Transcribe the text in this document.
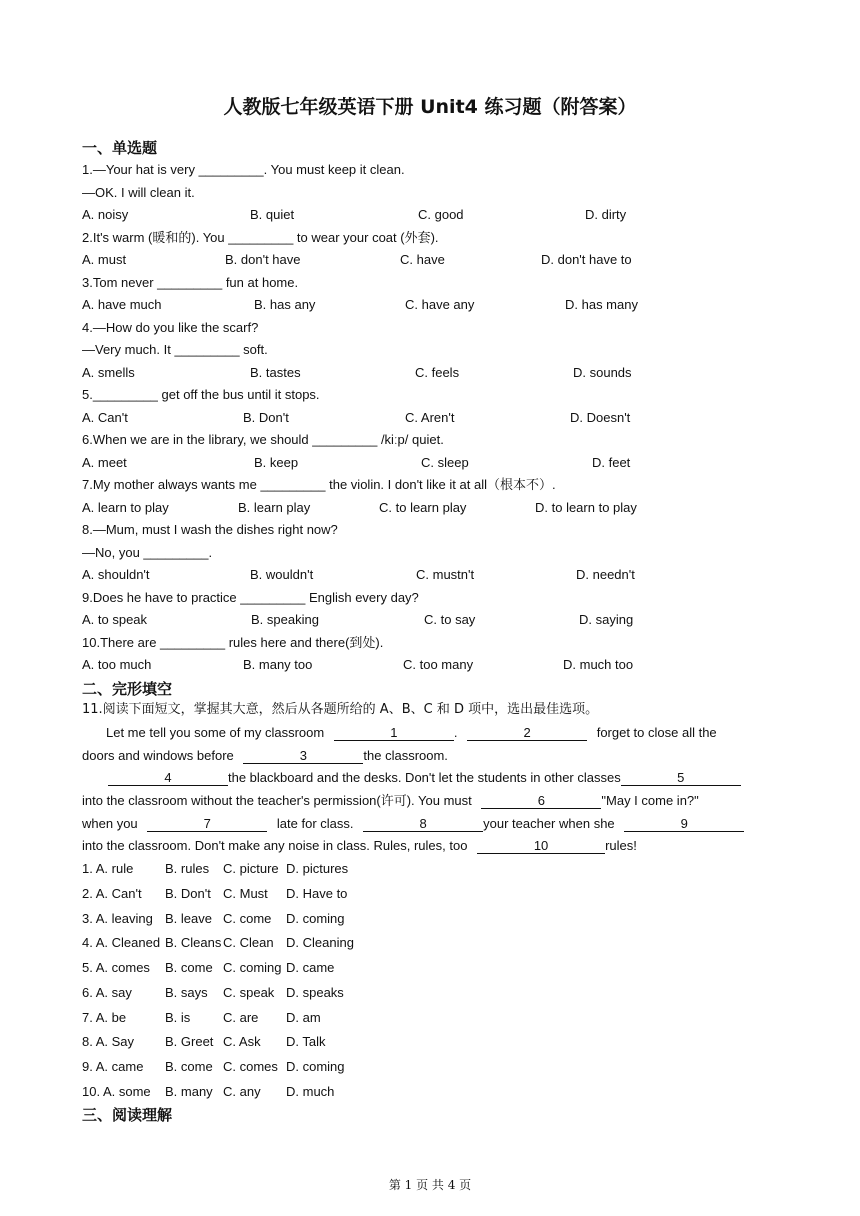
人教版七年级英语下册 Unit4 练习题（附答案）
一、单选题
1.—Your hat is very _________. You must keep it clean.
—OK. I will clean it.
A. noisy	B. quiet	C. good	D. dirty
2.It's warm (暖和的). You _________ to wear your coat (外套).
A. must	B. don't have	C. have	D. don't have to
3.Tom never _________ fun at home.
A. have much	B. has any	C. have any	D. has many
4.—How do you like the scarf?
—Very much. It _________ soft.
A. smells	B. tastes	C. feels	D. sounds
5._________ get off the bus until it stops.
A. Can't	B. Don't	C. Aren't	D. Doesn't
6.When we are in the library, we should _________ /kiːp/ quiet.
A. meet	B. keep	C. sleep	D. feet
7.My mother always wants me _________ the violin. I don't like it at all（根本不）.
A. learn to play	B. learn play	C. to learn play	D. to learn to play
8.—Mum, must I wash the dishes right now?
—No, you _________.
A. shouldn't	B. wouldn't	C. mustn't	D. needn't
9.Does he have to practice _________ English every day?
A. to speak	B. speaking	C. to say	D. saying
10.There are _________ rules here and there(到处).
A. too much	B. many too	C. too many	D. much too
二、完形填空
11.阅读下面短文，掌握其大意，然后从各题所给的 A、B、C 和 D 项中，选出最佳选项。
Let me tell you some of my classroom	1	.	2	forget to close all the
doors and windows before	3	the classroom.
4	the blackboard and the desks. Don't let the students in other classes	5
into the classroom without the teacher's permission(许可). You must	6	"May I come in?"
when you	7	late for class.	8	your teacher when she	9
into the classroom. Don't make any noise in class. Rules, rules, too	10	rules!
1. A. rule B. rules C. picture D. pictures
2. A. Can't B. Don't C. Must D. Have to
3. A. leaving B. leave C. come D. coming
4. A. Cleaned B. Cleans C. Clean D. Cleaning
5. A. comes B. come C. coming D. came
6. A. say	B. says C. speak D. speaks
7. A. be	B. is	C. are D. am
8. A. Say B. Greet C. Ask D. Talk
9. A. came B. come C. comes D. coming
10. A. some B. many C. any D. much
三、阅读理解
第 1 页 共 4 页
